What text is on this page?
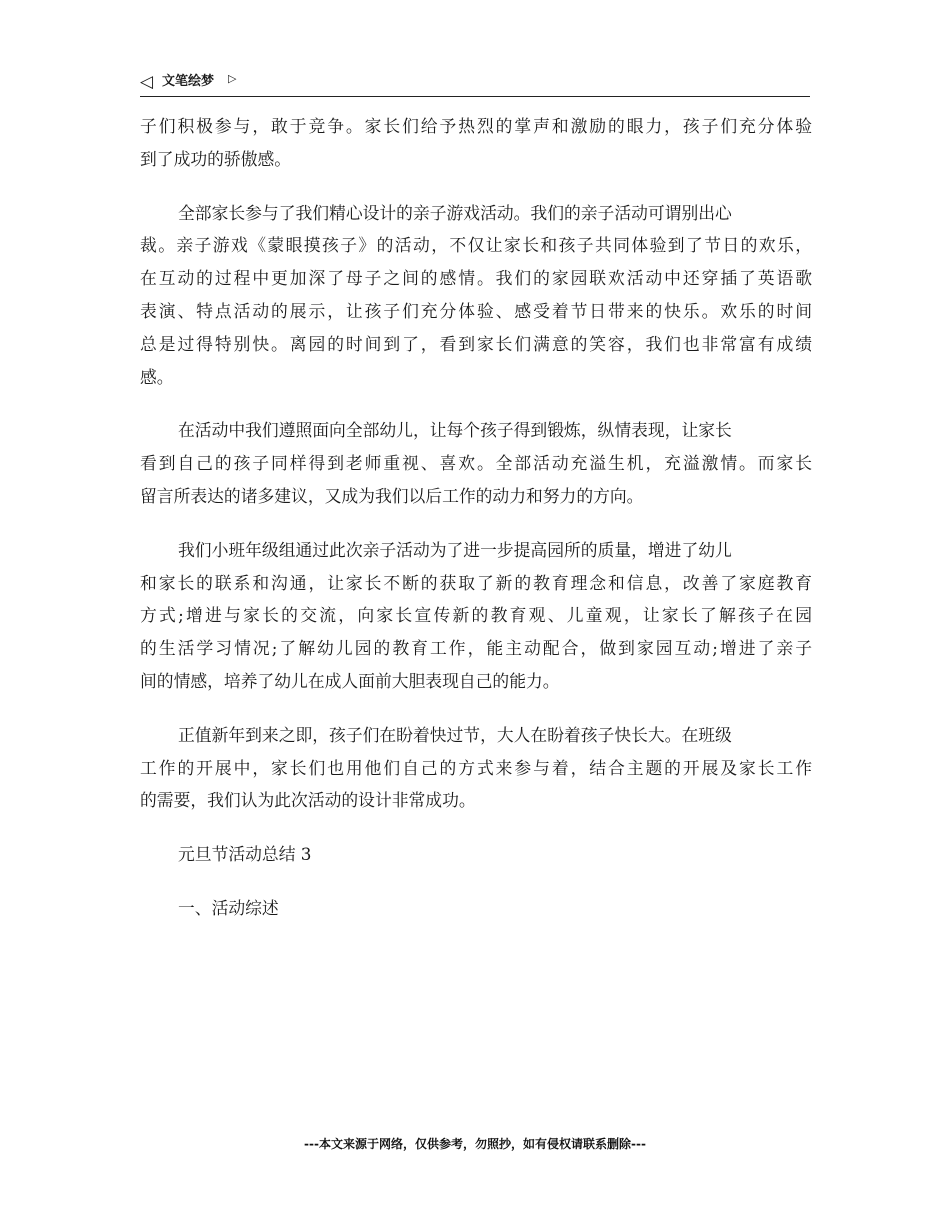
◁ 文笔绘梦 ▷
子们积极参与，敢于竞争。家长们给予热烈的掌声和激励的眼力，孩子们充分体验
到了成功的骄傲感。
全部家长参与了我们精心设计的亲子游戏活动。我们的亲子活动可谓别出心
裁。亲子游戏《蒙眼摸孩子》的活动，不仅让家长和孩子共同体验到了节日的欢乐，
在互动的过程中更加深了母子之间的感情。我们的家园联欢活动中还穿插了英语歌
表演、特点活动的展示，让孩子们充分体验、感受着节日带来的快乐。欢乐的时间
总是过得特别快。离园的时间到了，看到家长们满意的笑容，我们也非常富有成绩
感。
在活动中我们遵照面向全部幼儿，让每个孩子得到锻炼，纵情表现，让家长
看到自己的孩子同样得到老师重视、喜欢。全部活动充溢生机，充溢激情。而家长
留言所表达的诸多建议，又成为我们以后工作的动力和努力的方向。
我们小班年级组通过此次亲子活动为了进一步提高园所的质量，增进了幼儿
和家长的联系和沟通，让家长不断的获取了新的教育理念和信息，改善了家庭教育
方式;增进与家长的交流，向家长宣传新的教育观、儿童观，让家长了解孩子在园
的生活学习情况;了解幼儿园的教育工作，能主动配合，做到家园互动;增进了亲子
间的情感，培养了幼儿在成人面前大胆表现自己的能力。
正值新年到来之即，孩子们在盼着快过节，大人在盼着孩子快长大。在班级
工作的开展中，家长们也用他们自己的方式来参与着，结合主题的开展及家长工作
的需要，我们认为此次活动的设计非常成功。
元旦节活动总结 3
一、活动综述
---本文来源于网络，仅供参考，勿照抄，如有侵权请联系删除---
